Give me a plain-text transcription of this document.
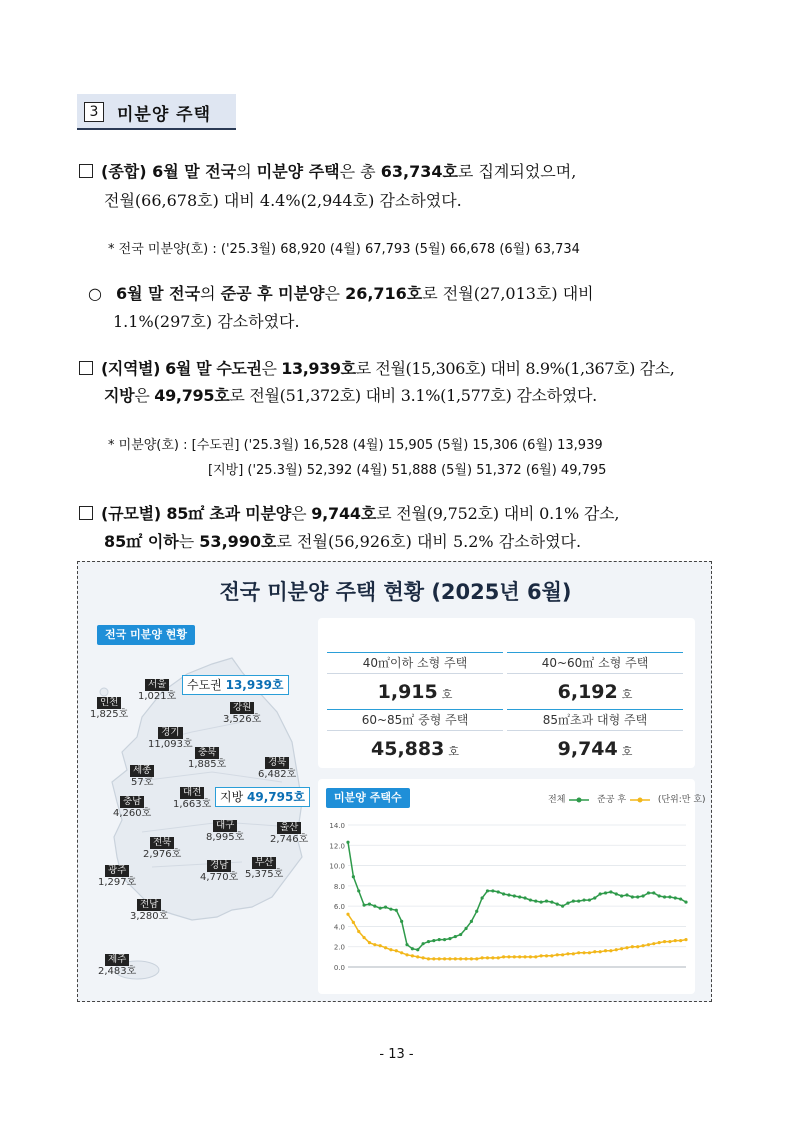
3	미분양 주택
(종합) 6월 말 전국의 미분양 주택은 총 63,734호로 집계되었으며,
전월(66,678호) 대비 4.4%(2,944호) 감소하였다.
* 전국 미분양(호) : ('25.3월) 68,920 (4월) 67,793 (5월) 66,678 (6월) 63,734
○ 6월 말 전국의 준공 후 미분양은 26,716호로 전월(27,013호) 대비
1.1%(297호) 감소하였다.
(지역별) 6월 말 수도권은 13,939호로 전월(15,306호) 대비 8.9%(1,367호) 감소,
지방은 49,795호로 전월(51,372호) 대비 3.1%(1,577호) 감소하였다.
* 미분양(호) : [수도권] ('25.3월) 16,528 (4월) 15,905 (5월) 15,306 (6월) 13,939
[지방] ('25.3월) 52,392 (4월) 51,888 (5월) 51,372 (6월) 49,795
(규모별) 85㎡ 초과 미분양은 9,744호로 전월(9,752호) 대비 0.1% 감소,
85㎡ 이하는 53,990호로 전월(56,926호) 대비 5.2% 감소하였다.
전국 미분양 주택 현황 (2025년 6월)
전국 미분양 현황
수도권 13,939호
지방 49,795호
서울
1,021호
인천
1,825호
강원
3,526호
경기
11,093호
충북
1,885호	경북
6,482호
세종
57호
대전
1,663호
충남
4,260호
대구
8,995호
울산
2,746호
전북
2,976호
경남
4,770호
부산
5,375호
광주
1,297호
전남
3,280호
제주
2,483호
40㎡이하 소형 주택
1,915 호
40~60㎡ 소형 주택
6,192 호
60~85㎡ 중형 주택
45,883 호
85㎡초과 대형 주택
9,744 호
미분양 주택수	전체	준공 후	(단위:만 호)
0.0
2.0
4.0
6.0
8.0
10.0
12.0
14.0
- 13 -
